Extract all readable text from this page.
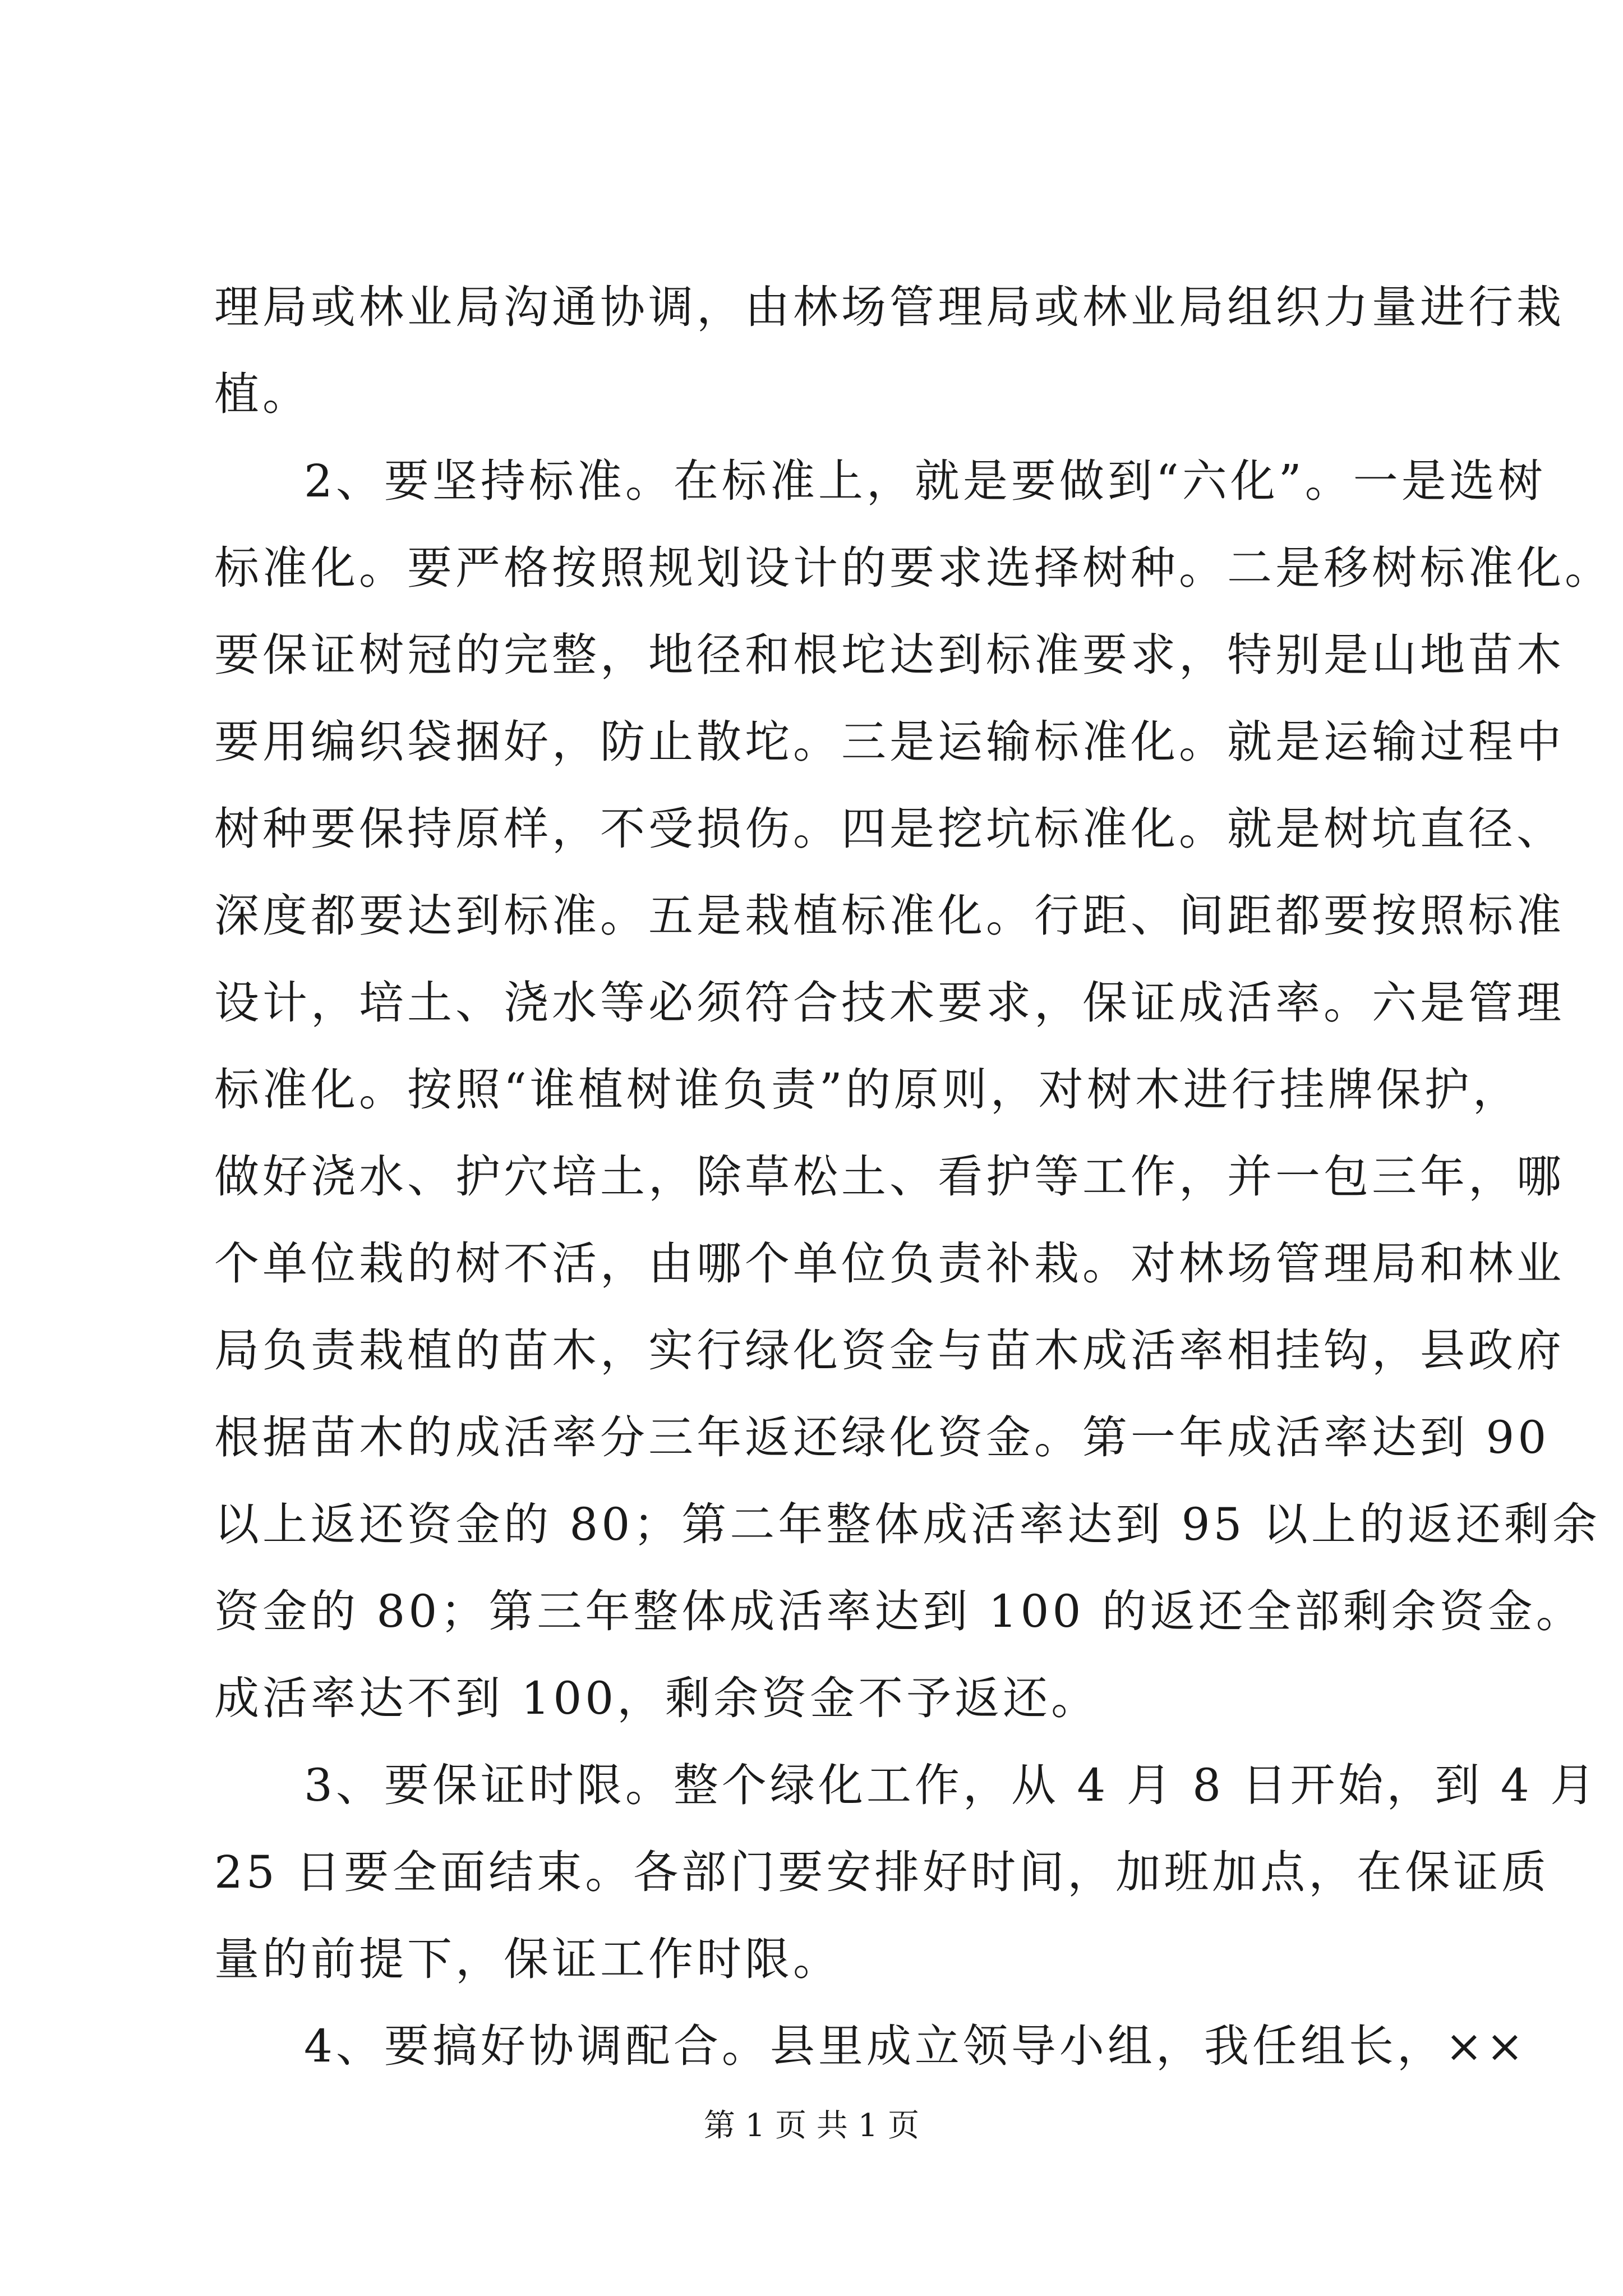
理局或林业局沟通协调，由林场管理局或林业局组织力量进行栽
植。
2、要坚持标准。在标准上，就是要做到“六化”。一是选树
标准化。要严格按照规划设计的要求选择树种。二是移树标准化。
要保证树冠的完整，地径和根坨达到标准要求，特别是山地苗木
要用编织袋捆好，防止散坨。三是运输标准化。就是运输过程中
树种要保持原样，不受损伤。四是挖坑标准化。就是树坑直径、
深度都要达到标准。五是栽植标准化。行距、间距都要按照标准
设计，培土、浇水等必须符合技术要求，保证成活率。六是管理
标准化。按照“谁植树谁负责”的原则，对树木进行挂牌保护，
做好浇水、护穴培土，除草松土、看护等工作，并一包三年，哪
个单位栽的树不活，由哪个单位负责补栽。对林场管理局和林业
局负责栽植的苗木，实行绿化资金与苗木成活率相挂钩，县政府
根据苗木的成活率分三年返还绿化资金。第一年成活率达到 90
以上返还资金的 80；第二年整体成活率达到 95 以上的返还剩余
资金的 80；第三年整体成活率达到 100 的返还全部剩余资金。
成活率达不到 100，剩余资金不予返还。
3、要保证时限。整个绿化工作，从 4 月 8 日开始，到 4 月
25 日要全面结束。各部门要安排好时间，加班加点，在保证质
量的前提下，保证工作时限。
4、要搞好协调配合。县里成立领导小组，我任组长，××
第 1 页 共 1 页
